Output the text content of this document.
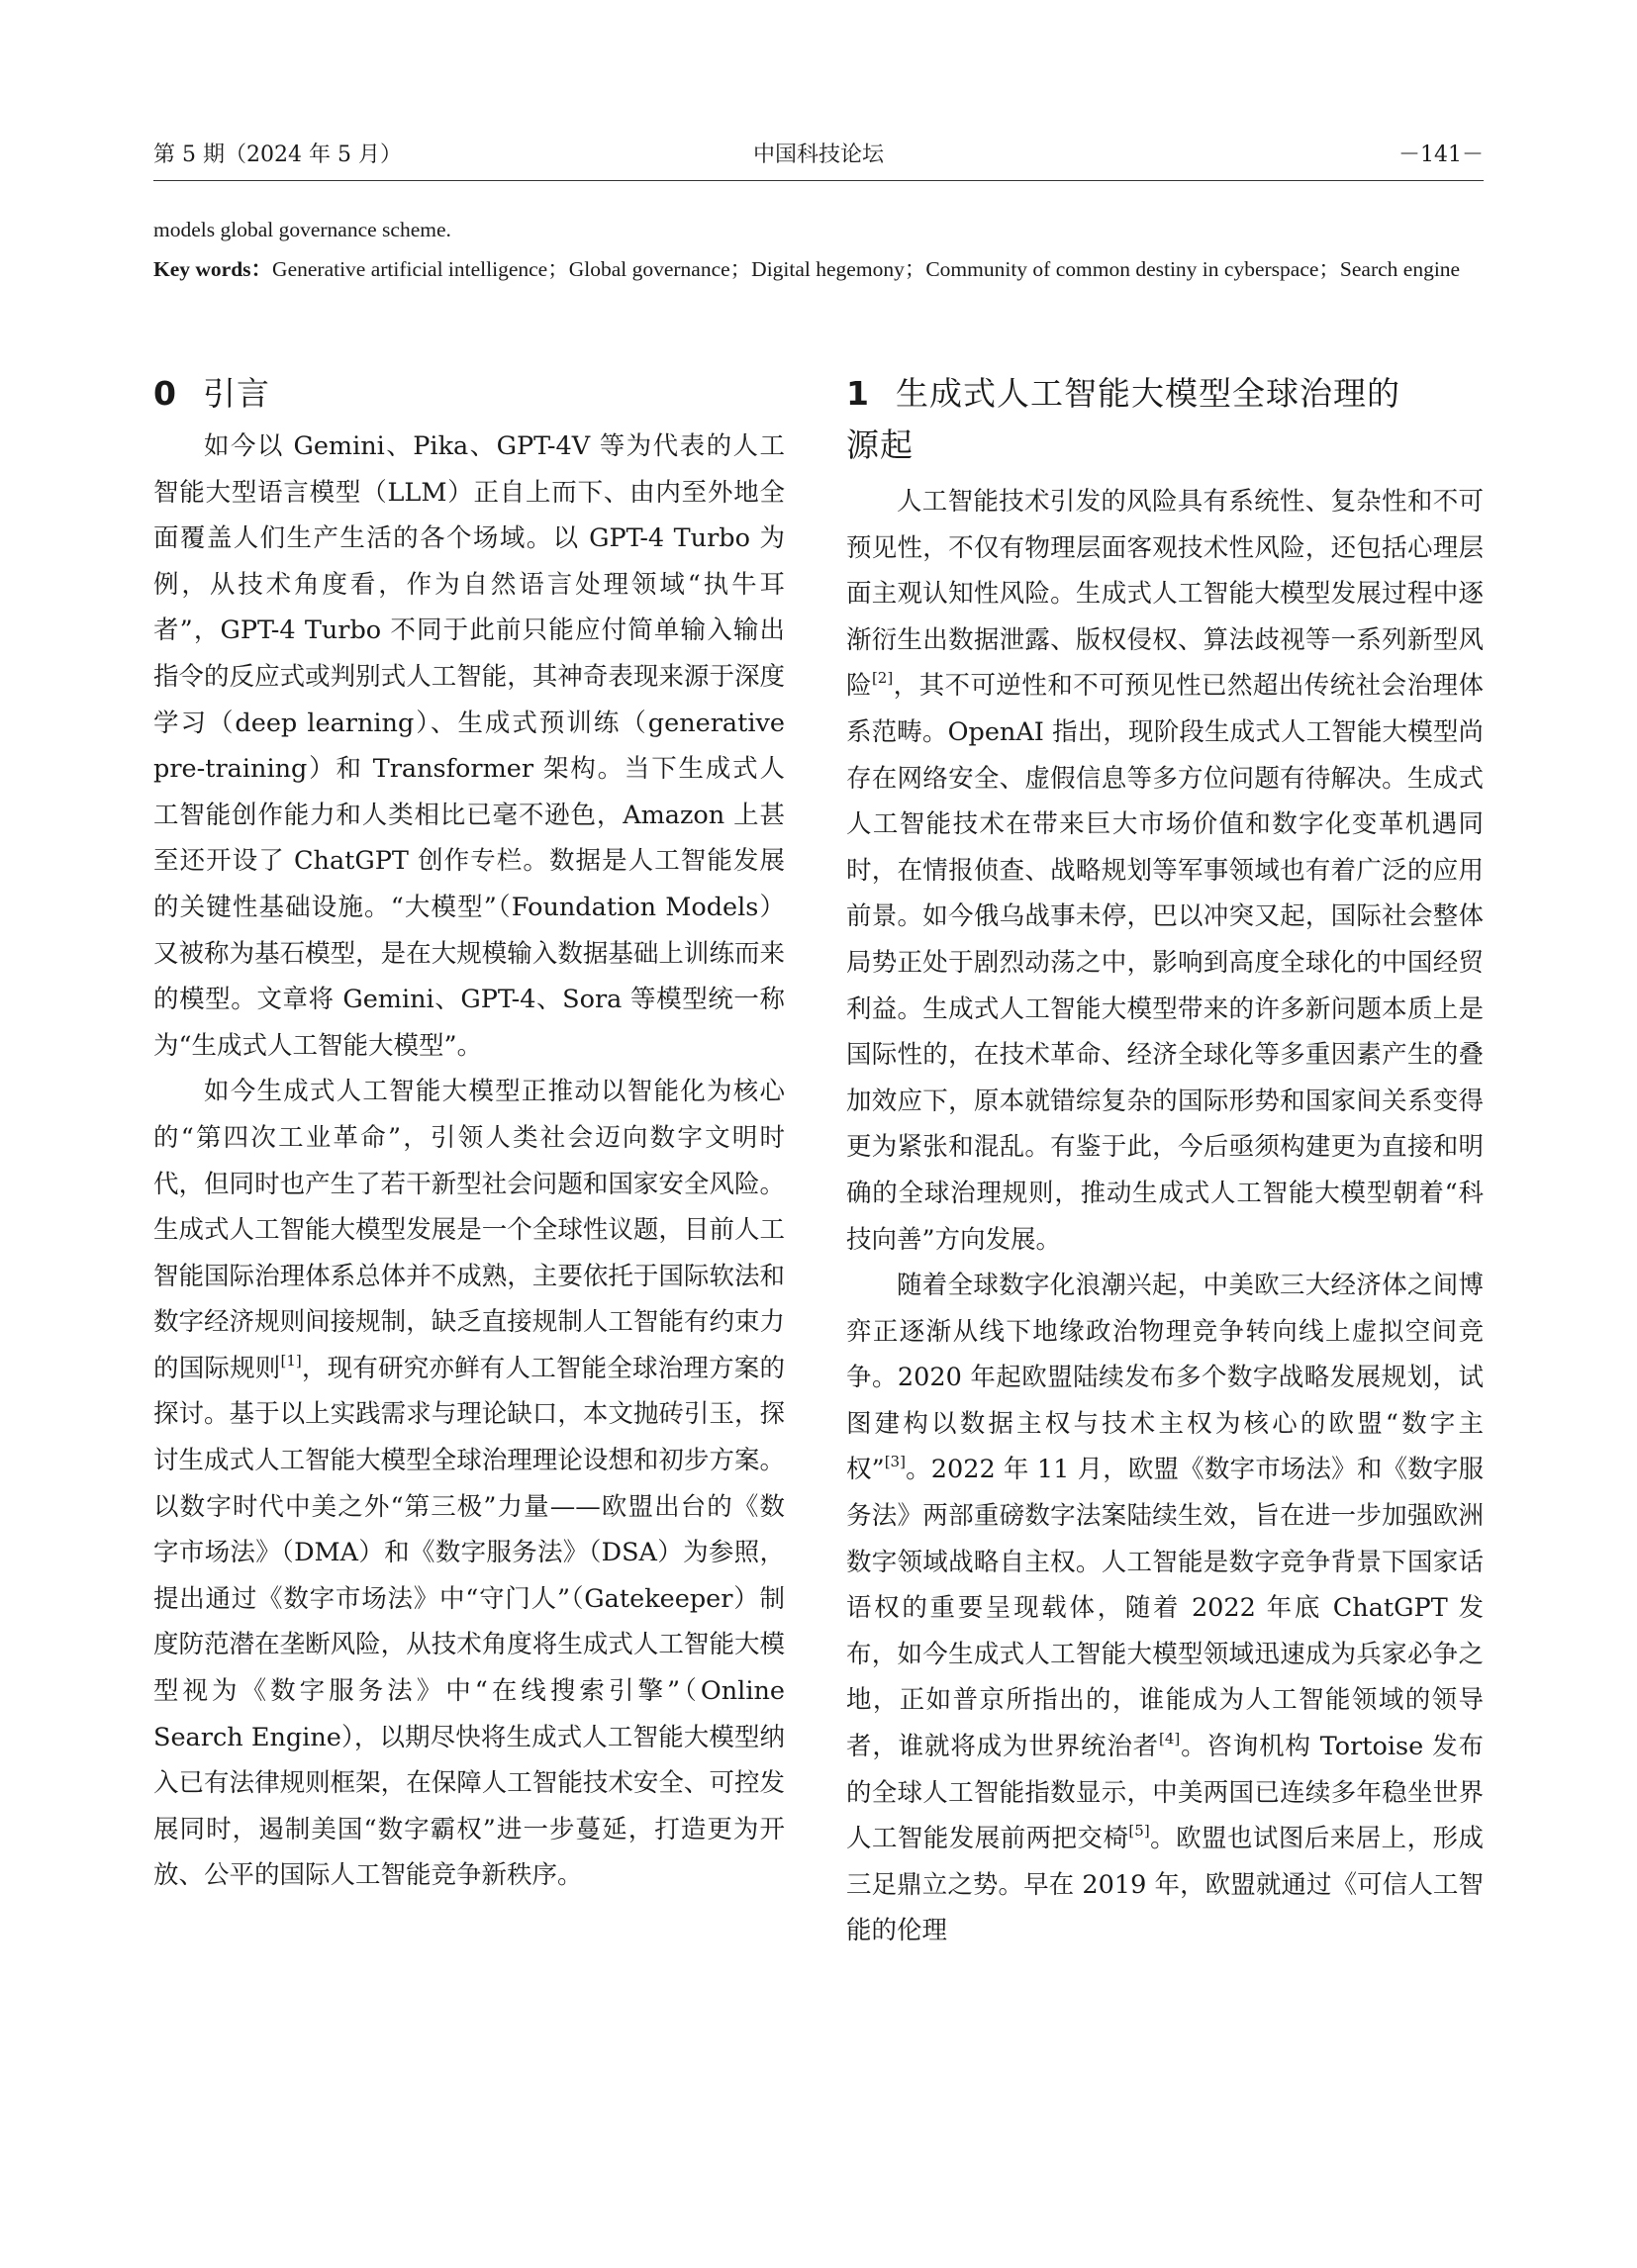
第 5 期（2024 年 5 月）	中国科技论坛	－141－
models global governance scheme.
Key words：Generative artificial intelligence；Global governance；Digital hegemony；Community of common destiny in cyberspace；Search engine
0 引言

如今以 Gemini、Pika、GPT-4V 等为代表的人工智能大型语言模型（LLM）正自上而下、由内至外地全面覆盖人们生产生活的各个场域。以 GPT-4 Turbo 为例，从技术角度看，作为自然语言处理领域“执牛耳者”，GPT-4 Turbo 不同于此前只能应付简单输入输出指令的反应式或判别式人工智能，其神奇表现来源于深度学习（deep learning）、生成式预训练（generative pre-training）和 Transformer 架构。当下生成式人工智能创作能力和人类相比已毫不逊色，Amazon 上甚至还开设了 ChatGPT 创作专栏。数据是人工智能发展的关键性基础设施。“大模型”（Foundation Models）又被称为基石模型，是在大规模输入数据基础上训练而来的模型。文章将 Gemini、GPT-4、Sora 等模型统一称为“生成式人工智能大模型”。

如今生成式人工智能大模型正推动以智能化为核心的“第四次工业革命”，引领人类社会迈向数字文明时代，但同时也产生了若干新型社会问题和国家安全风险。生成式人工智能大模型发展是一个全球性议题，目前人工智能国际治理体系总体并不成熟，主要依托于国际软法和数字经济规则间接规制，缺乏直接规制人工智能有约束力的国际规则[1]，现有研究亦鲜有人工智能全球治理方案的探讨。基于以上实践需求与理论缺口，本文抛砖引玉，探讨生成式人工智能大模型全球治理理论设想和初步方案。以数字时代中美之外“第三极”力量——欧盟出台的《数字市场法》（DMA）和《数字服务法》（DSA）为参照，提出通过《数字市场法》中“守门人”（Gatekeeper）制度防范潜在垄断风险，从技术角度将生成式人工智能大模型视为《数字服务法》中“在线搜索引擎”（Online Search Engine），以期尽快将生成式人工智能大模型纳入已有法律规则框架，在保障人工智能技术安全、可控发展同时，遏制美国“数字霸权”进一步蔓延，打造更为开放、公平的国际人工智能竞争新秩序。

1 生成式人工智能大模型全球治理的
源起

人工智能技术引发的风险具有系统性、复杂性和不可预见性，不仅有物理层面客观技术性风险，还包括心理层面主观认知性风险。生成式人工智能大模型发展过程中逐渐衍生出数据泄露、版权侵权、算法歧视等一系列新型风险[2]，其不可逆性和不可预见性已然超出传统社会治理体系范畴。OpenAI 指出，现阶段生成式人工智能大模型尚存在网络安全、虚假信息等多方位问题有待解决。生成式人工智能技术在带来巨大市场价值和数字化变革机遇同时，在情报侦查、战略规划等军事领域也有着广泛的应用前景。如今俄乌战事未停，巴以冲突又起，国际社会整体局势正处于剧烈动荡之中，影响到高度全球化的中国经贸利益。生成式人工智能大模型带来的许多新问题本质上是国际性的，在技术革命、经济全球化等多重因素产生的叠加效应下，原本就错综复杂的国际形势和国家间关系变得更为紧张和混乱。有鉴于此，今后亟须构建更为直接和明确的全球治理规则，推动生成式人工智能大模型朝着“科技向善”方向发展。

随着全球数字化浪潮兴起，中美欧三大经济体之间博弈正逐渐从线下地缘政治物理竞争转向线上虚拟空间竞争。2020 年起欧盟陆续发布多个数字战略发展规划，试图建构以数据主权与技术主权为核心的欧盟“数字主权”[3]。2022 年 11 月，欧盟《数字市场法》和《数字服务法》两部重磅数字法案陆续生效，旨在进一步加强欧洲数字领域战略自主权。人工智能是数字竞争背景下国家话语权的重要呈现载体，随着 2022 年底 ChatGPT 发布，如今生成式人工智能大模型领域迅速成为兵家必争之地，正如普京所指出的，谁能成为人工智能领域的领导者，谁就将成为世界统治者[4]。咨询机构 Tortoise 发布的全球人工智能指数显示，中美两国已连续多年稳坐世界人工智能发展前两把交椅[5]。欧盟也试图后来居上，形成三足鼎立之势。早在 2019 年，欧盟就通过《可信人工智能的伦理
